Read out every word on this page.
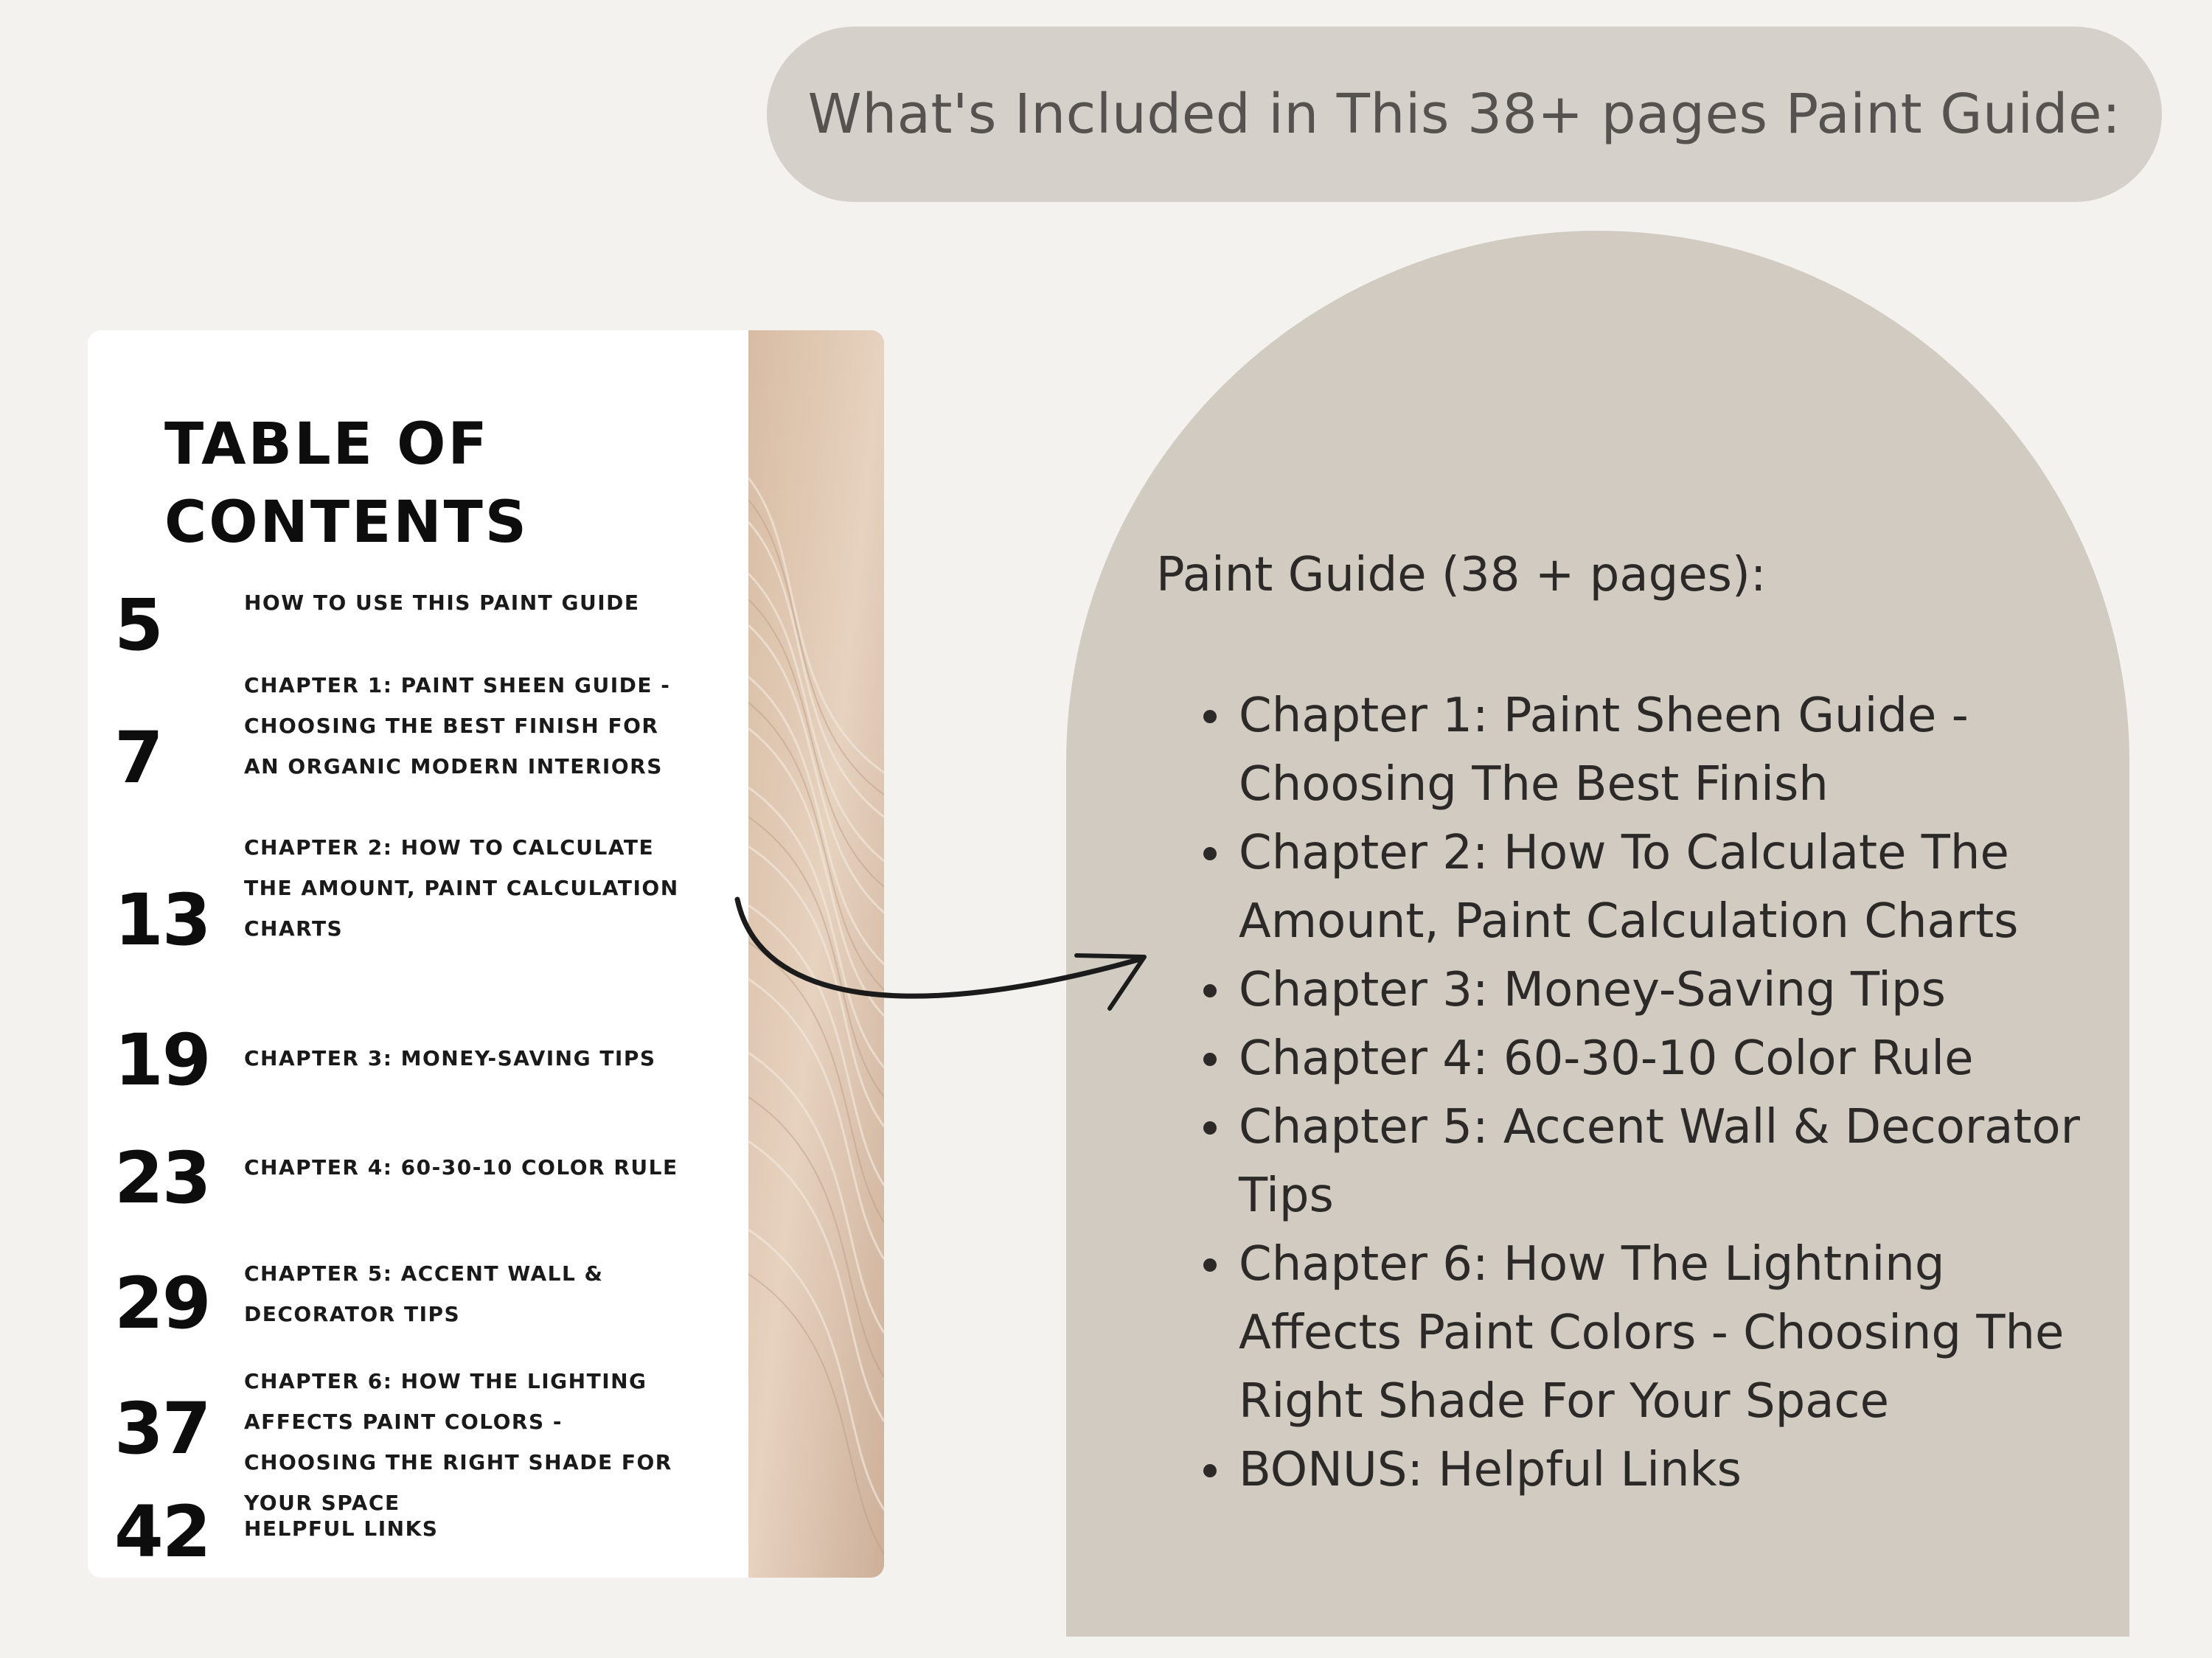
What's Included in This 38+ pages Paint Guide:
TABLE OF CONTENTS
5	HOW TO USE THIS PAINT GUIDE
7
CHAPTER 1: PAINT SHEEN GUIDE - CHOOSING THE BEST FINISH FOR AN ORGANIC MODERN INTERIORS
13
CHAPTER 2: HOW TO CALCULATE THE AMOUNT, PAINT CALCULATION CHARTS
19 CHAPTER 3: MONEY-SAVING TIPS
23 CHAPTER 4: 60-30-10 COLOR RULE
29 CHAPTER 5: ACCENT WALL & DECORATOR TIPS
37
CHAPTER 6: HOW THE LIGHTING AFFECTS PAINT COLORS - CHOOSING THE RIGHT SHADE FOR YOUR SPACE
42 HELPFUL LINKS
Paint Guide (38 + pages):
Chapter 1: Paint Sheen Guide - Choosing The Best Finish
Chapter 2: How To Calculate The Amount, Paint Calculation Charts
Chapter 3: Money-Saving Tips
Chapter 4: 60-30-10 Color Rule
Chapter 5: Accent Wall & Decorator Tips
Chapter 6: How The Lightning Affects Paint Colors - Choosing The Right Shade For Your Space
BONUS: Helpful Links
